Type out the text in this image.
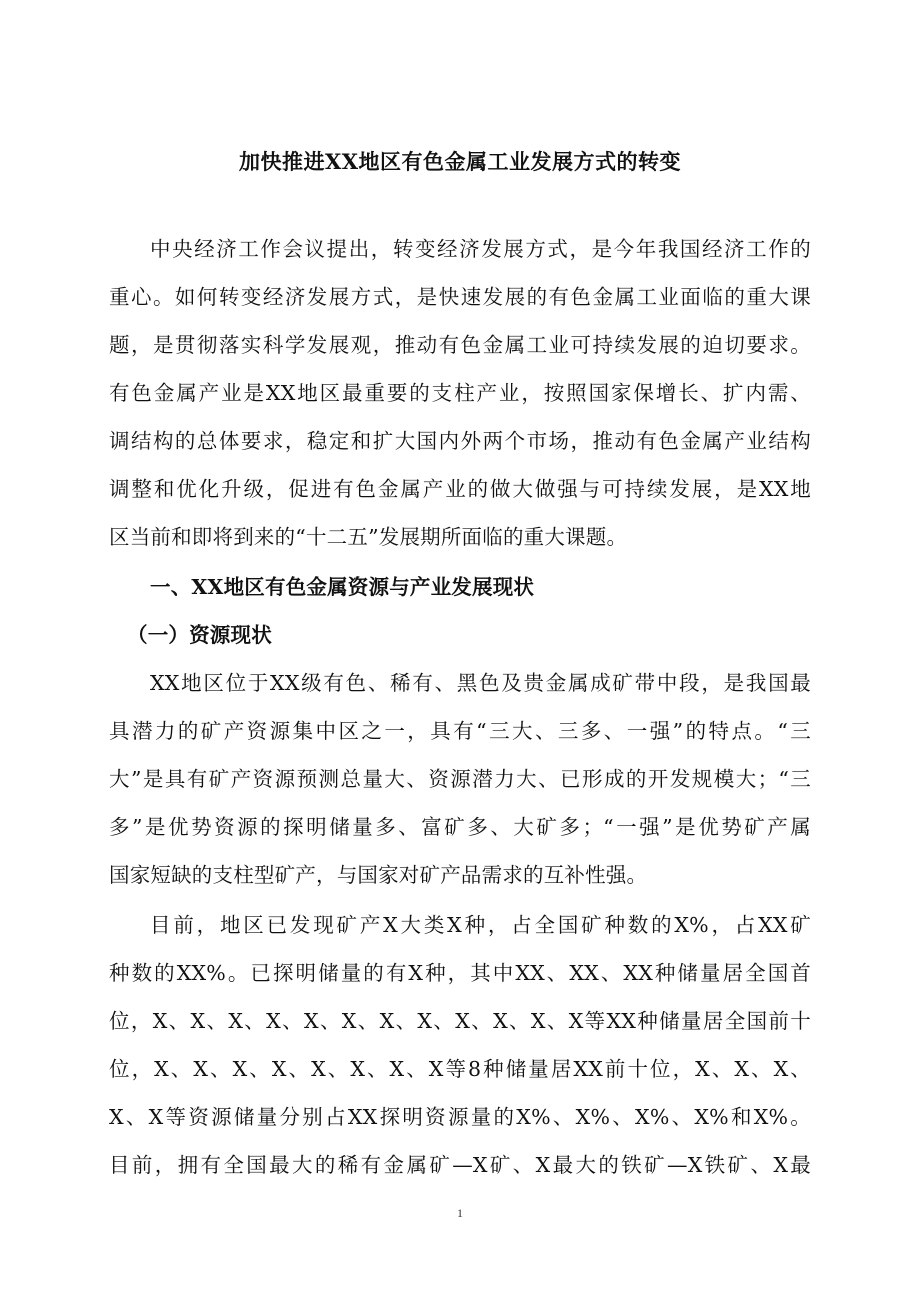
加快推进XX地区有色金属工业发展方式的转变
中央经济工作会议提出，转变经济发展方式，是今年我国经济工作的
重心。如何转变经济发展方式，是快速发展的有色金属工业面临的重大课
题，是贯彻落实科学发展观，推动有色金属工业可持续发展的迫切要求。
有色金属产业是XX地区最重要的支柱产业，按照国家保增长、扩内需、
调结构的总体要求，稳定和扩大国内外两个市场，推动有色金属产业结构
调整和优化升级，促进有色金属产业的做大做强与可持续发展，是XX地
区当前和即将到来的“十二五”发展期所面临的重大课题。
一、XX地区有色金属资源与产业发展现状
（一）资源现状
XX地区位于XX级有色、稀有、黑色及贵金属成矿带中段，是我国最
具潜力的矿产资源集中区之一，具有“三大、三多、一强”的特点。“三
大”是具有矿产资源预测总量大、资源潜力大、已形成的开发规模大；“三
多”是优势资源的探明储量多、富矿多、大矿多；“一强”是优势矿产属
国家短缺的支柱型矿产，与国家对矿产品需求的互补性强。
目前，地区已发现矿产X大类X种，占全国矿种数的X%，占XX矿
种数的XX%。已探明储量的有X种，其中XX、XX、XX种储量居全国首
位，X、X、X、X、X、X、X、X、X、X、X、X等XX种储量居全国前十
位，X、X、X、X、X、X、X、X等8种储量居XX前十位，X、X、X、
X、X等资源储量分别占XX探明资源量的X%、X%、X%、X%和X%。
目前，拥有全国最大的稀有金属矿—X矿、X最大的铁矿—X铁矿、X最
1
